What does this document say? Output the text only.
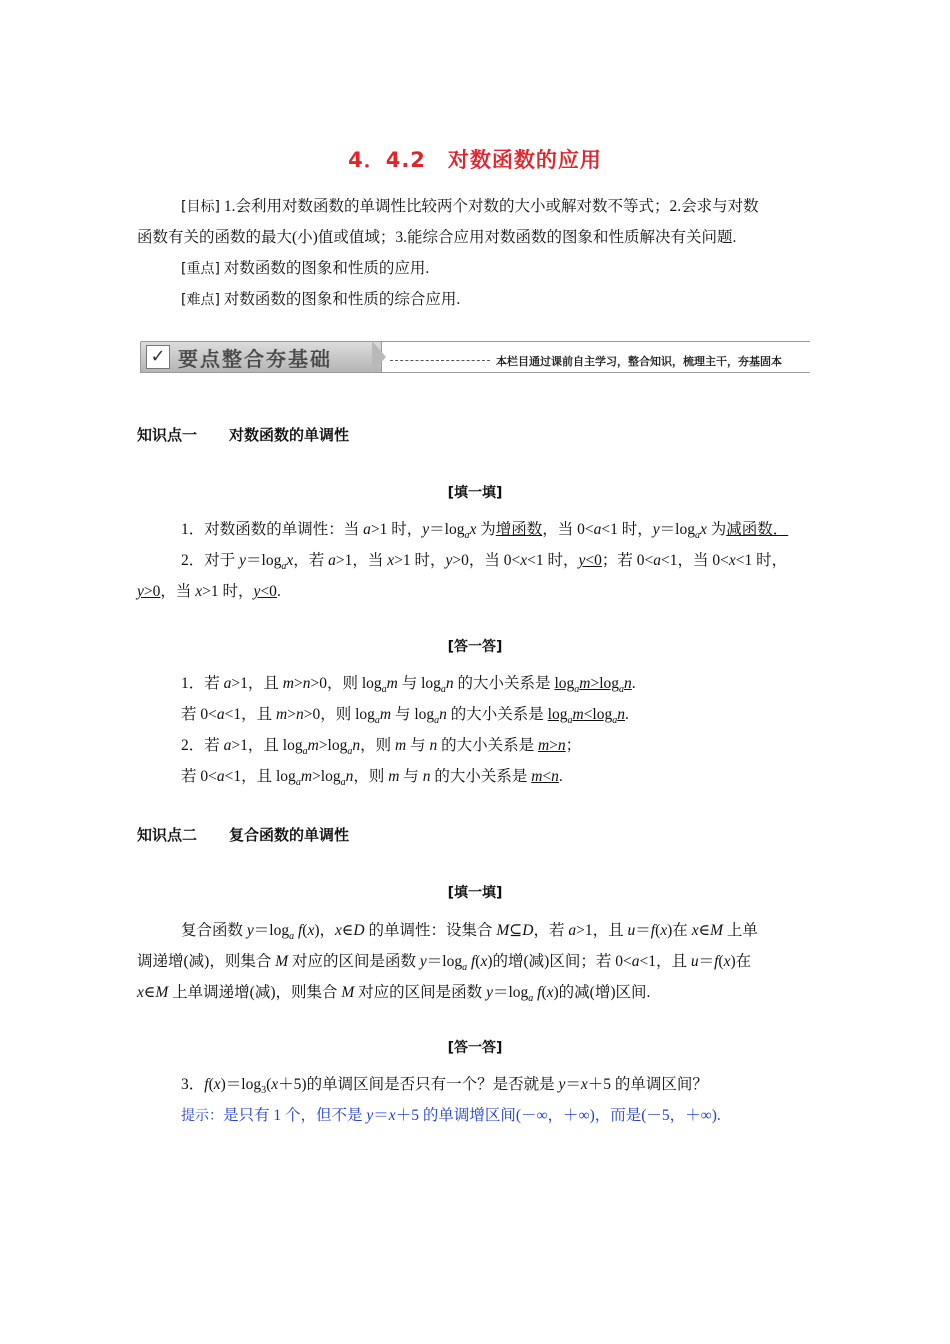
4．4.2　对数函数的应用
[目标] 1.会利用对数函数的单调性比较两个对数的大小或解对数不等式；2.会求与对数
函数有关的函数的最大(小)值或值域；3.能综合应用对数函数的图象和性质解决有关问题.
[重点] 对数函数的图象和性质的应用.
[难点] 对数函数的图象和性质的综合应用.
✓ 要点整合夯基础	本栏目通过课前自主学习，整合知识，梳理主干，夯基固本
知识点一 对数函数的单调性
[填一填]
1．对数函数的单调性：当 a>1 时，$y=\log_ax$ 为增函数，当 0<a<1 时，$y=\log_ax$ 为减函数．
2．对于 $y=\log_ax$，若 a>1，当 x>1 时，y>0，当 0<x<1 时，y<0；若 0<a<1，当 0<x<1 时，
y>0，当 x>1 时，y<0.
[答一答]
1．若 a>1，且 m>n>0，则 $\log_am$ 与 $\log_an$ 的大小关系是 $\log_am>\log_an$.
若 0<a<1，且 m>n>0，则 $\log_am$ 与 $\log_an$ 的大小关系是 $\log_am<\log_an$.
2．若 a>1，且 $\log_am>\log_an$，则 m 与 n 的大小关系是 m>n；
若 0<a<1，且 $\log_am>\log_an$，则 m 与 n 的大小关系是 m<n.
知识点二 复合函数的单调性
[填一填]
复合函数 $y=\log_a$ f(x)，x∈D 的单调性：设集合 M⊆D，若 a>1，且 u＝f(x)在 x∈M 上单
调递增(减)，则集合 M 对应的区间是函数 $y=\log_a$ f(x)的增(减)区间；若 0<a<1，且 u＝f(x)在
x∈M 上单调递增(减)，则集合 M 对应的区间是函数 $y=\log_a$ f(x)的减(增)区间.
[答一答]
3．$f(x)=\log_3(x+5)$的单调区间是否只有一个？是否就是 y＝x＋5 的单调区间？
提示：是只有 1 个，但不是 y＝x＋5 的单调增区间(－∞，＋∞)，而是(－5，＋∞).
